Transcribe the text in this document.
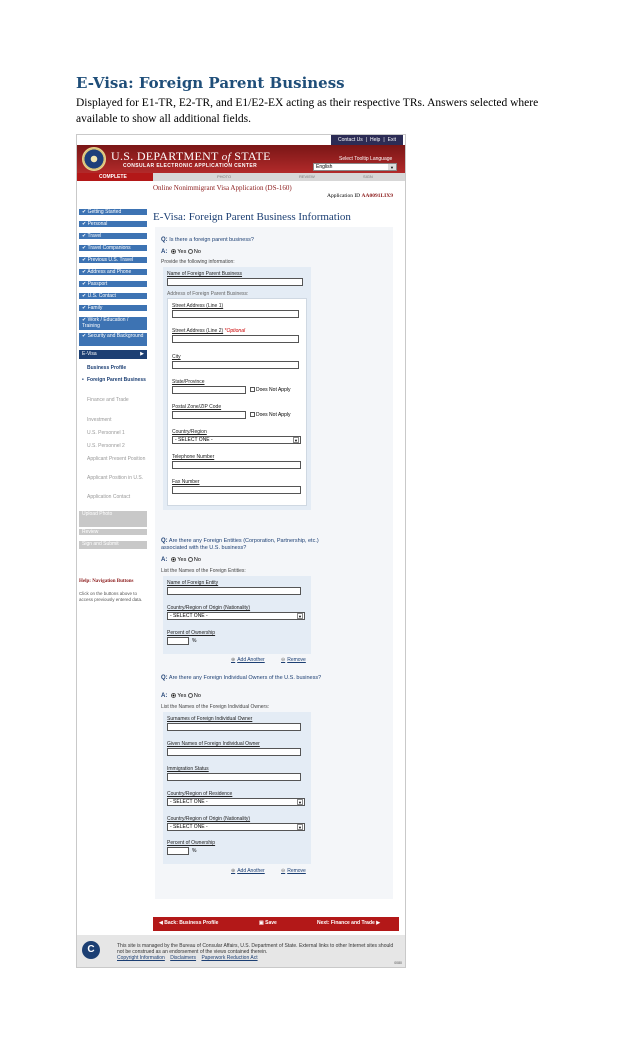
E-Visa: Foreign Parent Business
Displayed for E1-TR, E2-TR, and E1/E2-EX acting as their respective TRs. Answers selected where available to show all additional fields.
Contact Us | Help | Exit
U.S. DEPARTMENT of STATE
CONSULAR ELECTRONIC APPLICATION CENTER
Select Tooltip Language
English	▼
COMPLETE	PHOTO	REVIEW	SIGN
✔ Getting Started
✔ Personal
✔ Travel
✔ Travel Companions
✔ Previous U.S. Travel
✔ Address and Phone
✔ Passport
✔ U.S. Contact
✔ Family
✔ Work / Education / Training
✔ Security and Background
E-Visa	▶
Business Profile
• Foreign Parent Business
Finance and Trade
Investment
U.S. Personnel 1
U.S. Personnel 2
Applicant Present Position
Applicant Position in U.S.
Application Contact
Upload Photo
Review
Sign and Submit
Help: Navigation Buttons
Click on the buttons above to access previously entered data.
Online Nonimmigrant Visa Application (DS-160)
Application ID AA0091LIX9
E-Visa: Foreign Parent Business Information
Q: Is there a foreign parent business?
A: Yes No
Provide the following information:
Name of Foreign Parent Business
Address of Foreign Parent Business:
Street Address (Line 1)
Street Address (Line 2) *Optional
City
State/Province
Does Not Apply
Postal Zone/ZIP Code
Does Not Apply
Country/Region
- SELECT ONE -	▼
Telephone Number
Fax Number
Q: Are there any Foreign Entities (Corporation, Partnership, etc.) associated with the U.S. business?
A: Yes No
List the Names of the Foreign Entities:
Name of Foreign Entity
Country/Region of Origin (Nationality)
- SELECT ONE -	▼
Percent of Ownership
%
⊕ Add Another	⊖ Remove
Q: Are there any Foreign Individual Owners of the U.S. business?
A: Yes No
List the Names of the Foreign Individual Owners:
Surnames of Foreign Individual Owner
Given Names of Foreign Individual Owner
Immigration Status
Country/Region of Residence
- SELECT ONE -	▼
Country/Region of Origin (Nationality)
- SELECT ONE -	▼
Percent of Ownership
%
⊕ Add Another	⊖ Remove
◀ Back: Business Profile	▣ Save	Next: Finance and Trade ▶
C	This site is managed by the Bureau of Consular Affairs, U.S. Department of State. External links to other Internet sites should not be construed as an endorsement of the views contained therein.
Copyright Information Disclaimers Paperwork Reduction Act
0080
